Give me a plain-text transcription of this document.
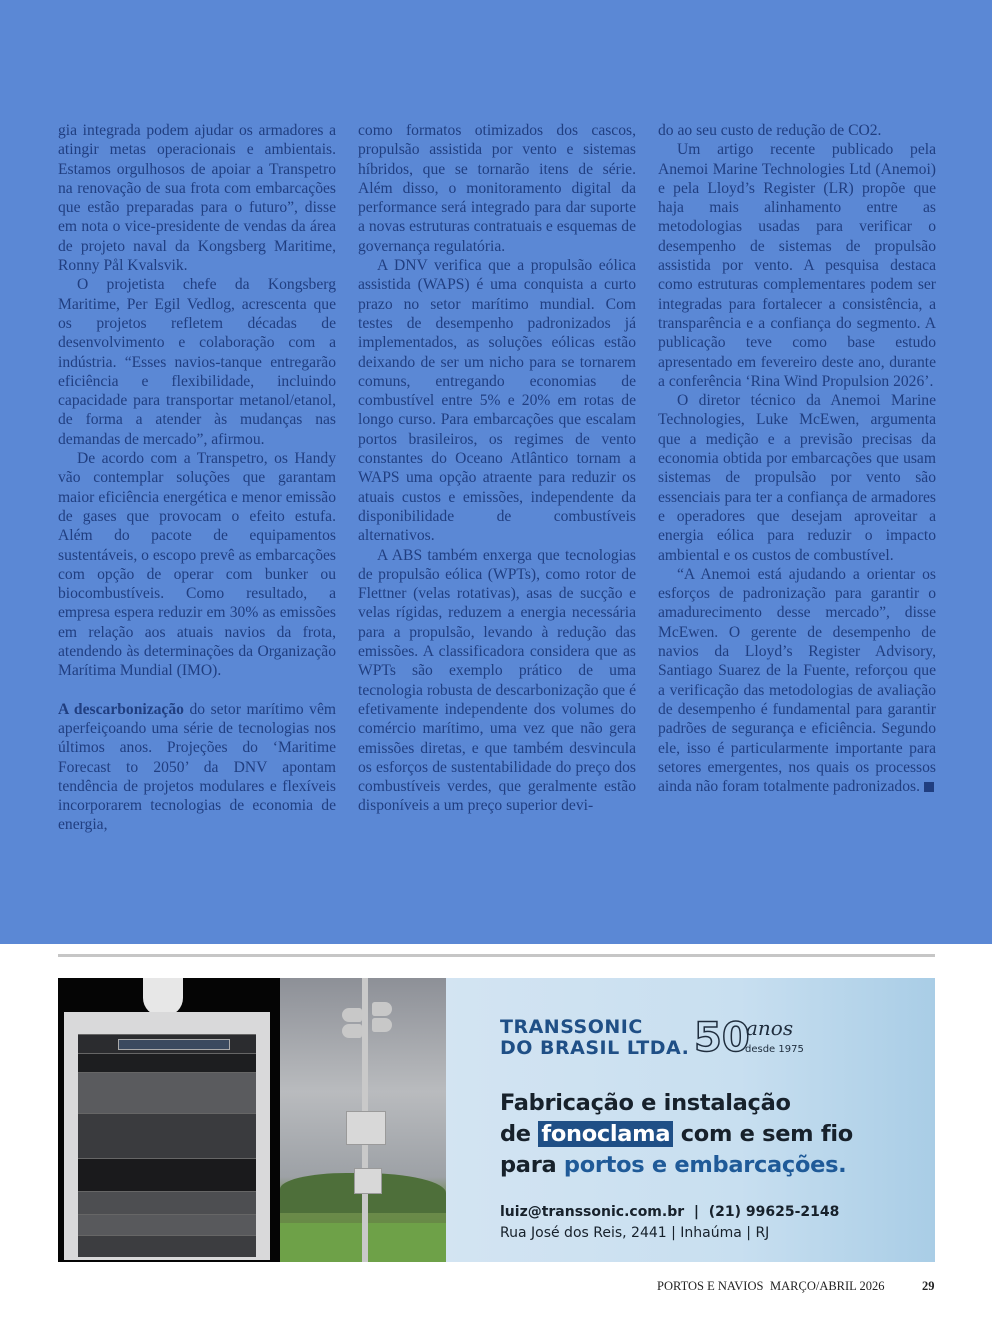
gia integrada podem ajudar os armadores a atingir metas operacionais e ambientais. Estamos orgulhosos de apoiar a Transpetro na renovação de sua frota com embarcações que estão preparadas para o futuro”, disse em nota o vice-presidente de vendas da área de projeto naval da Kongsberg Maritime, Ronny Pål Kvalsvik.

O projetista chefe da Kongsberg Maritime, Per Egil Vedlog, acrescenta que os projetos refletem décadas de desenvolvimento e colaboração com a indústria. “Esses navios-tanque entregarão eficiência e flexibilidade, incluindo capacidade para transportar metanol/etanol, de forma a atender às mudanças nas demandas de mercado”, afirmou.

De acordo com a Transpetro, os Handy vão contemplar soluções que garantam maior eficiência energética e menor emissão de gases que provocam o efeito estufa. Além do pacote de equipamentos sustentáveis, o escopo prevê as embarcações com opção de operar com bunker ou biocombustíveis. Como resultado, a empresa espera reduzir em 30% as emissões em relação aos atuais navios da frota, atendendo às determinações da Organização Marítima Mundial (IMO).

A descarbonização do setor marítimo vêm aperfeiçoando uma série de tecnologias nos últimos anos. Projeções do ‘Maritime Forecast to 2050’ da DNV apontam tendência de projetos modulares e flexíveis incorporarem tecnologias de economia de energia,

como formatos otimizados dos cascos, propulsão assistida por vento e sistemas híbridos, que se tornarão itens de série. Além disso, o monitoramento digital da performance será integrado para dar suporte a novas estruturas contratuais e esquemas de governança regulatória.

A DNV verifica que a propulsão eólica assistida (WAPS) é uma conquista a curto prazo no setor marítimo mundial. Com testes de desempenho padronizados já implementados, as soluções eólicas estão deixando de ser um nicho para se tornarem comuns, entregando economias de combustível entre 5% e 20% em rotas de longo curso. Para embarcações que escalam portos brasileiros, os regimes de vento constantes do Oceano Atlântico tornam a WAPS uma opção atraente para reduzir os atuais custos e emissões, independente da disponibilidade de combustíveis alternativos.

A ABS também enxerga que tecnologias de propulsão eólica (WPTs), como rotor de Flettner (velas rotativas), asas de sucção e velas rígidas, reduzem a energia necessária para a propulsão, levando à redução das emissões. A classificadora considera que as WPTs são exemplo prático de uma tecnologia robusta de descarbonização que é efetivamente independente dos volumes do comércio marítimo, uma vez que não gera emissões diretas, e que também desvincula os esforços de sustentabilidade do preço dos combustíveis verdes, que geralmente estão disponíveis a um preço superior devi-

do ao seu custo de redução de CO2.

Um artigo recente publicado pela Anemoi Marine Technologies Ltd (Anemoi) e pela Lloyd’s Register (LR) propõe que haja mais alinhamento entre as metodologias usadas para verificar o desempenho de sistemas de propulsão assistida por vento. A pesquisa destaca como estruturas complementares podem ser integradas para fortalecer a consistência, a transparência e a confiança do segmento. A publicação teve como base estudo apresentado em fevereiro deste ano, durante a conferência ‘Rina Wind Propulsion 2026’.

O diretor técnico da Anemoi Marine Technologies, Luke McEwen, argumenta que a medição e a previsão precisas da economia obtida por embarcações que usam sistemas de propulsão por vento são essenciais para ter a confiança de armadores e operadores que desejam aproveitar a energia eólica para reduzir o impacto ambiental e os custos de combustível.

“A Anemoi está ajudando a orientar os esforços de padronização para garantir o amadurecimento desse mercado”, disse McEwen. O gerente de desempenho de navios da Lloyd’s Register Advisory, Santiago Suarez de la Fuente, reforçou que a verificação das metodologias de avaliação de desempenho é fundamental para garantir padrões de segurança e eficiência. Segundo ele, isso é particularmente importante para setores emergentes, nos quais os processos ainda não foram totalmente padronizados.

TRANSSONIC
DO BRASIL LTDA. 50
anos
desde 1975
Fabricação e instalação
de fonoclama com e sem fio
para portos e embarcações.
luiz@transsonic.com.br | (21) 99625-2148
Rua José dos Reis, 2441 | Inhaúma | RJ
PORTOS E NAVIOS MARÇO/ABRIL 2026	29
